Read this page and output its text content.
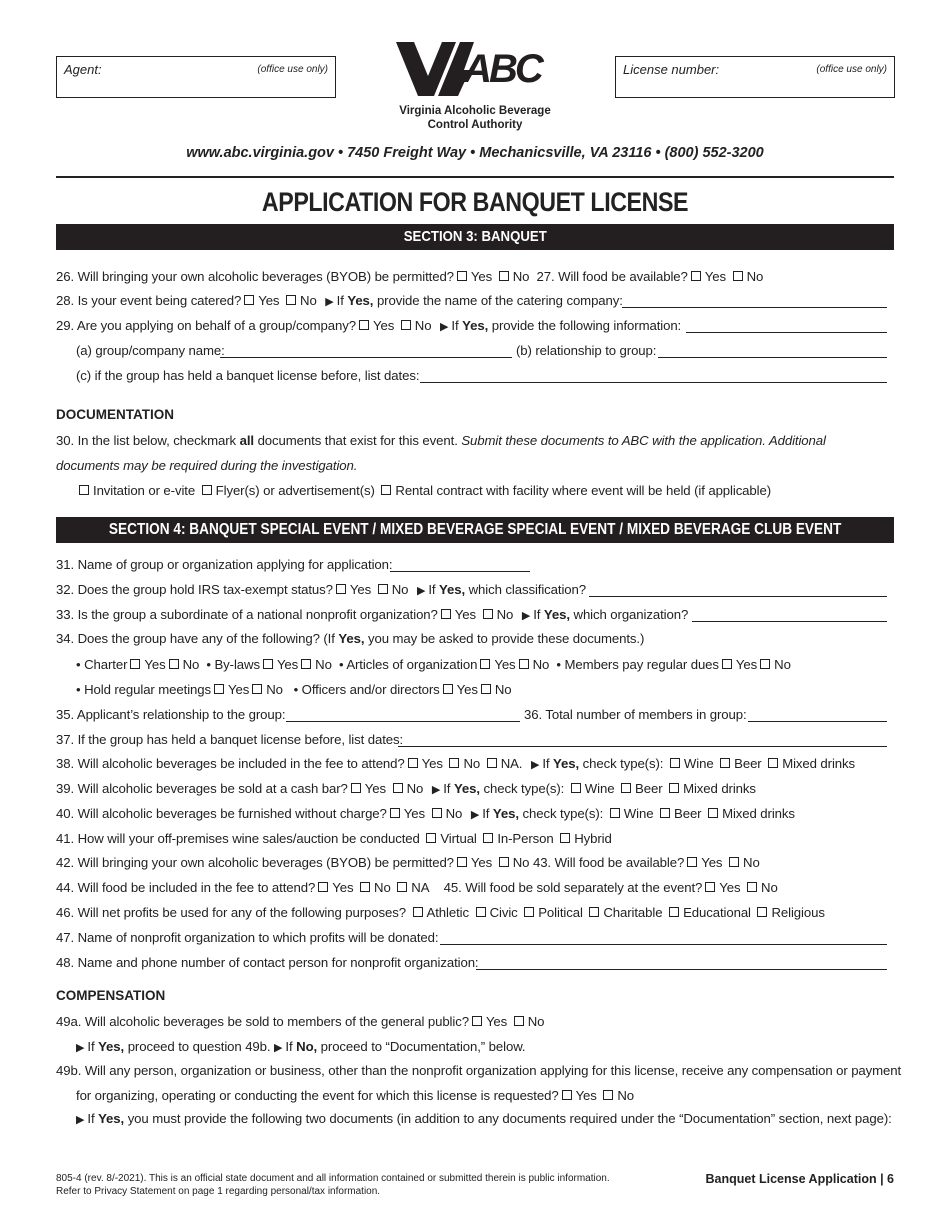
Agent:	(office use only)	License number:	(office use only)
ABC
Virginia Alcoholic Beverage
Control Authority
www.abc.virginia.gov • 7450 Freight Way • Mechanicsville, VA 23116 • (800) 552-3200
APPLICATION FOR BANQUET LICENSE
SECTION 3: BANQUET
26. Will bringing your own alcoholic beverages (BYOB) be permitted? Yes No 27. Will food be available? Yes No
28. Is your event being catered? Yes No ▶ If Yes, provide the name of the catering company:
29. Are you applying on behalf of a group/company? Yes No ▶ If Yes, provide the following information:
(a) group/company name:	(b) relationship to group:
(c) if the group has held a banquet license before, list dates:
DOCUMENTATION
30. In the list below, checkmark all documents that exist for this event. Submit these documents to ABC with the application. Additional
documents may be required during the investigation.
Invitation or e-vite Flyer(s) or advertisement(s) Rental contract with facility where event will be held (if applicable)
SECTION 4: BANQUET SPECIAL EVENT / MIXED BEVERAGE SPECIAL EVENT / MIXED BEVERAGE CLUB EVENT
31. Name of group or organization applying for application:
32. Does the group hold IRS tax-exempt status? Yes No ▶ If Yes, which classification?
33. Is the group a subordinate of a national nonprofit organization? Yes No ▶ If Yes, which organization?
34. Does the group have any of the following? (If Yes, you may be asked to provide these documents.)
• Charter Yes No • By-laws Yes No • Articles of organization Yes No • Members pay regular dues Yes No
• Hold regular meetings Yes No • Officers and/or directors Yes No
35. Applicant’s relationship to the group:	36. Total number of members in group:
37. If the group has held a banquet license before, list dates:
38. Will alcoholic beverages be included in the fee to attend? Yes No NA. ▶ If Yes, check type(s): Wine Beer Mixed drinks
39. Will alcoholic beverages be sold at a cash bar? Yes No ▶ If Yes, check type(s): Wine Beer Mixed drinks
40. Will alcoholic beverages be furnished without charge? Yes No ▶ If Yes, check type(s): Wine Beer Mixed drinks
41. How will your off-premises wine sales/auction be conducted Virtual In-Person Hybrid
42. Will bringing your own alcoholic beverages (BYOB) be permitted? Yes No 43. Will food be available? Yes No
44. Will food be included in the fee to attend? Yes No NA 45. Will food be sold separately at the event? Yes No
46. Will net profits be used for any of the following purposes? Athletic Civic Political Charitable Educational Religious
47. Name of nonprofit organization to which profits will be donated:
48. Name and phone number of contact person for nonprofit organization:
COMPENSATION
49a. Will alcoholic beverages be sold to members of the general public? Yes No
▶ If Yes, proceed to question 49b. ▶ If No, proceed to “Documentation,” below.
49b. Will any person, organization or business, other than the nonprofit organization applying for this license, receive any compensation or payment
for organizing, operating or conducting the event for which this license is requested? Yes No
▶ If Yes, you must provide the following two documents (in addition to any documents required under the “Documentation” section, next page):
805-4 (rev. 8/-2021). This is an official state document and all information contained or submitted therein is public information.
Refer to Privacy Statement on page 1 regarding personal/tax information.
Banquet License Application | 6
